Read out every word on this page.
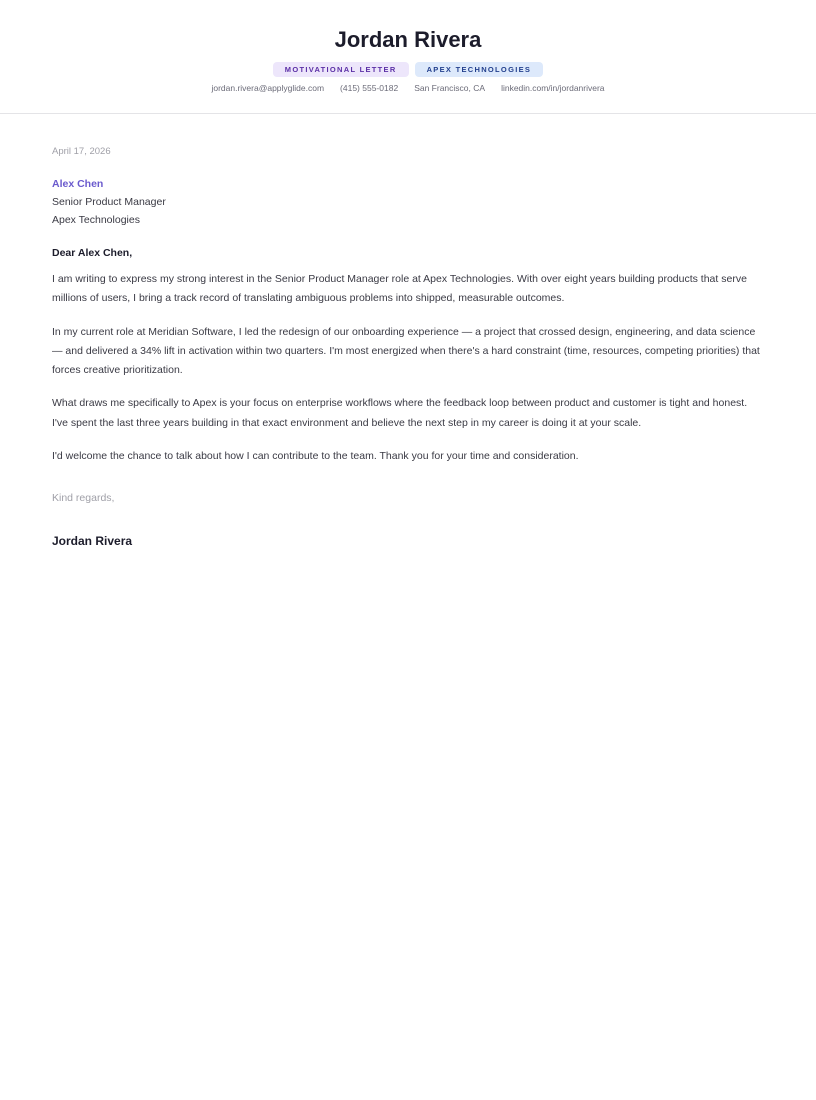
Jordan Rivera
MOTIVATIONAL LETTER	APEX TECHNOLOGIES
jordan.rivera@applyglide.com (415) 555-0182 San Francisco, CA linkedin.com/in/jordanrivera
April 17, 2026
Alex Chen
Senior Product Manager
Apex Technologies
Dear Alex Chen,

I am writing to express my strong interest in the Senior Product Manager role at Apex Technologies. With over eight years building products that serve millions of users, I bring a track record of translating ambiguous problems into shipped, measurable outcomes.

In my current role at Meridian Software, I led the redesign of our onboarding experience — a project that crossed design, engineering, and data science — and delivered a 34% lift in activation within two quarters. I'm most energized when there's a hard constraint (time, resources, competing priorities) that forces creative prioritization.

What draws me specifically to Apex is your focus on enterprise workflows where the feedback loop between product and customer is tight and honest. I've spent the last three years building in that exact environment and believe the next step in my career is doing it at your scale.

I'd welcome the chance to talk about how I can contribute to the team. Thank you for your time and consideration.

Kind regards,
Jordan Rivera
